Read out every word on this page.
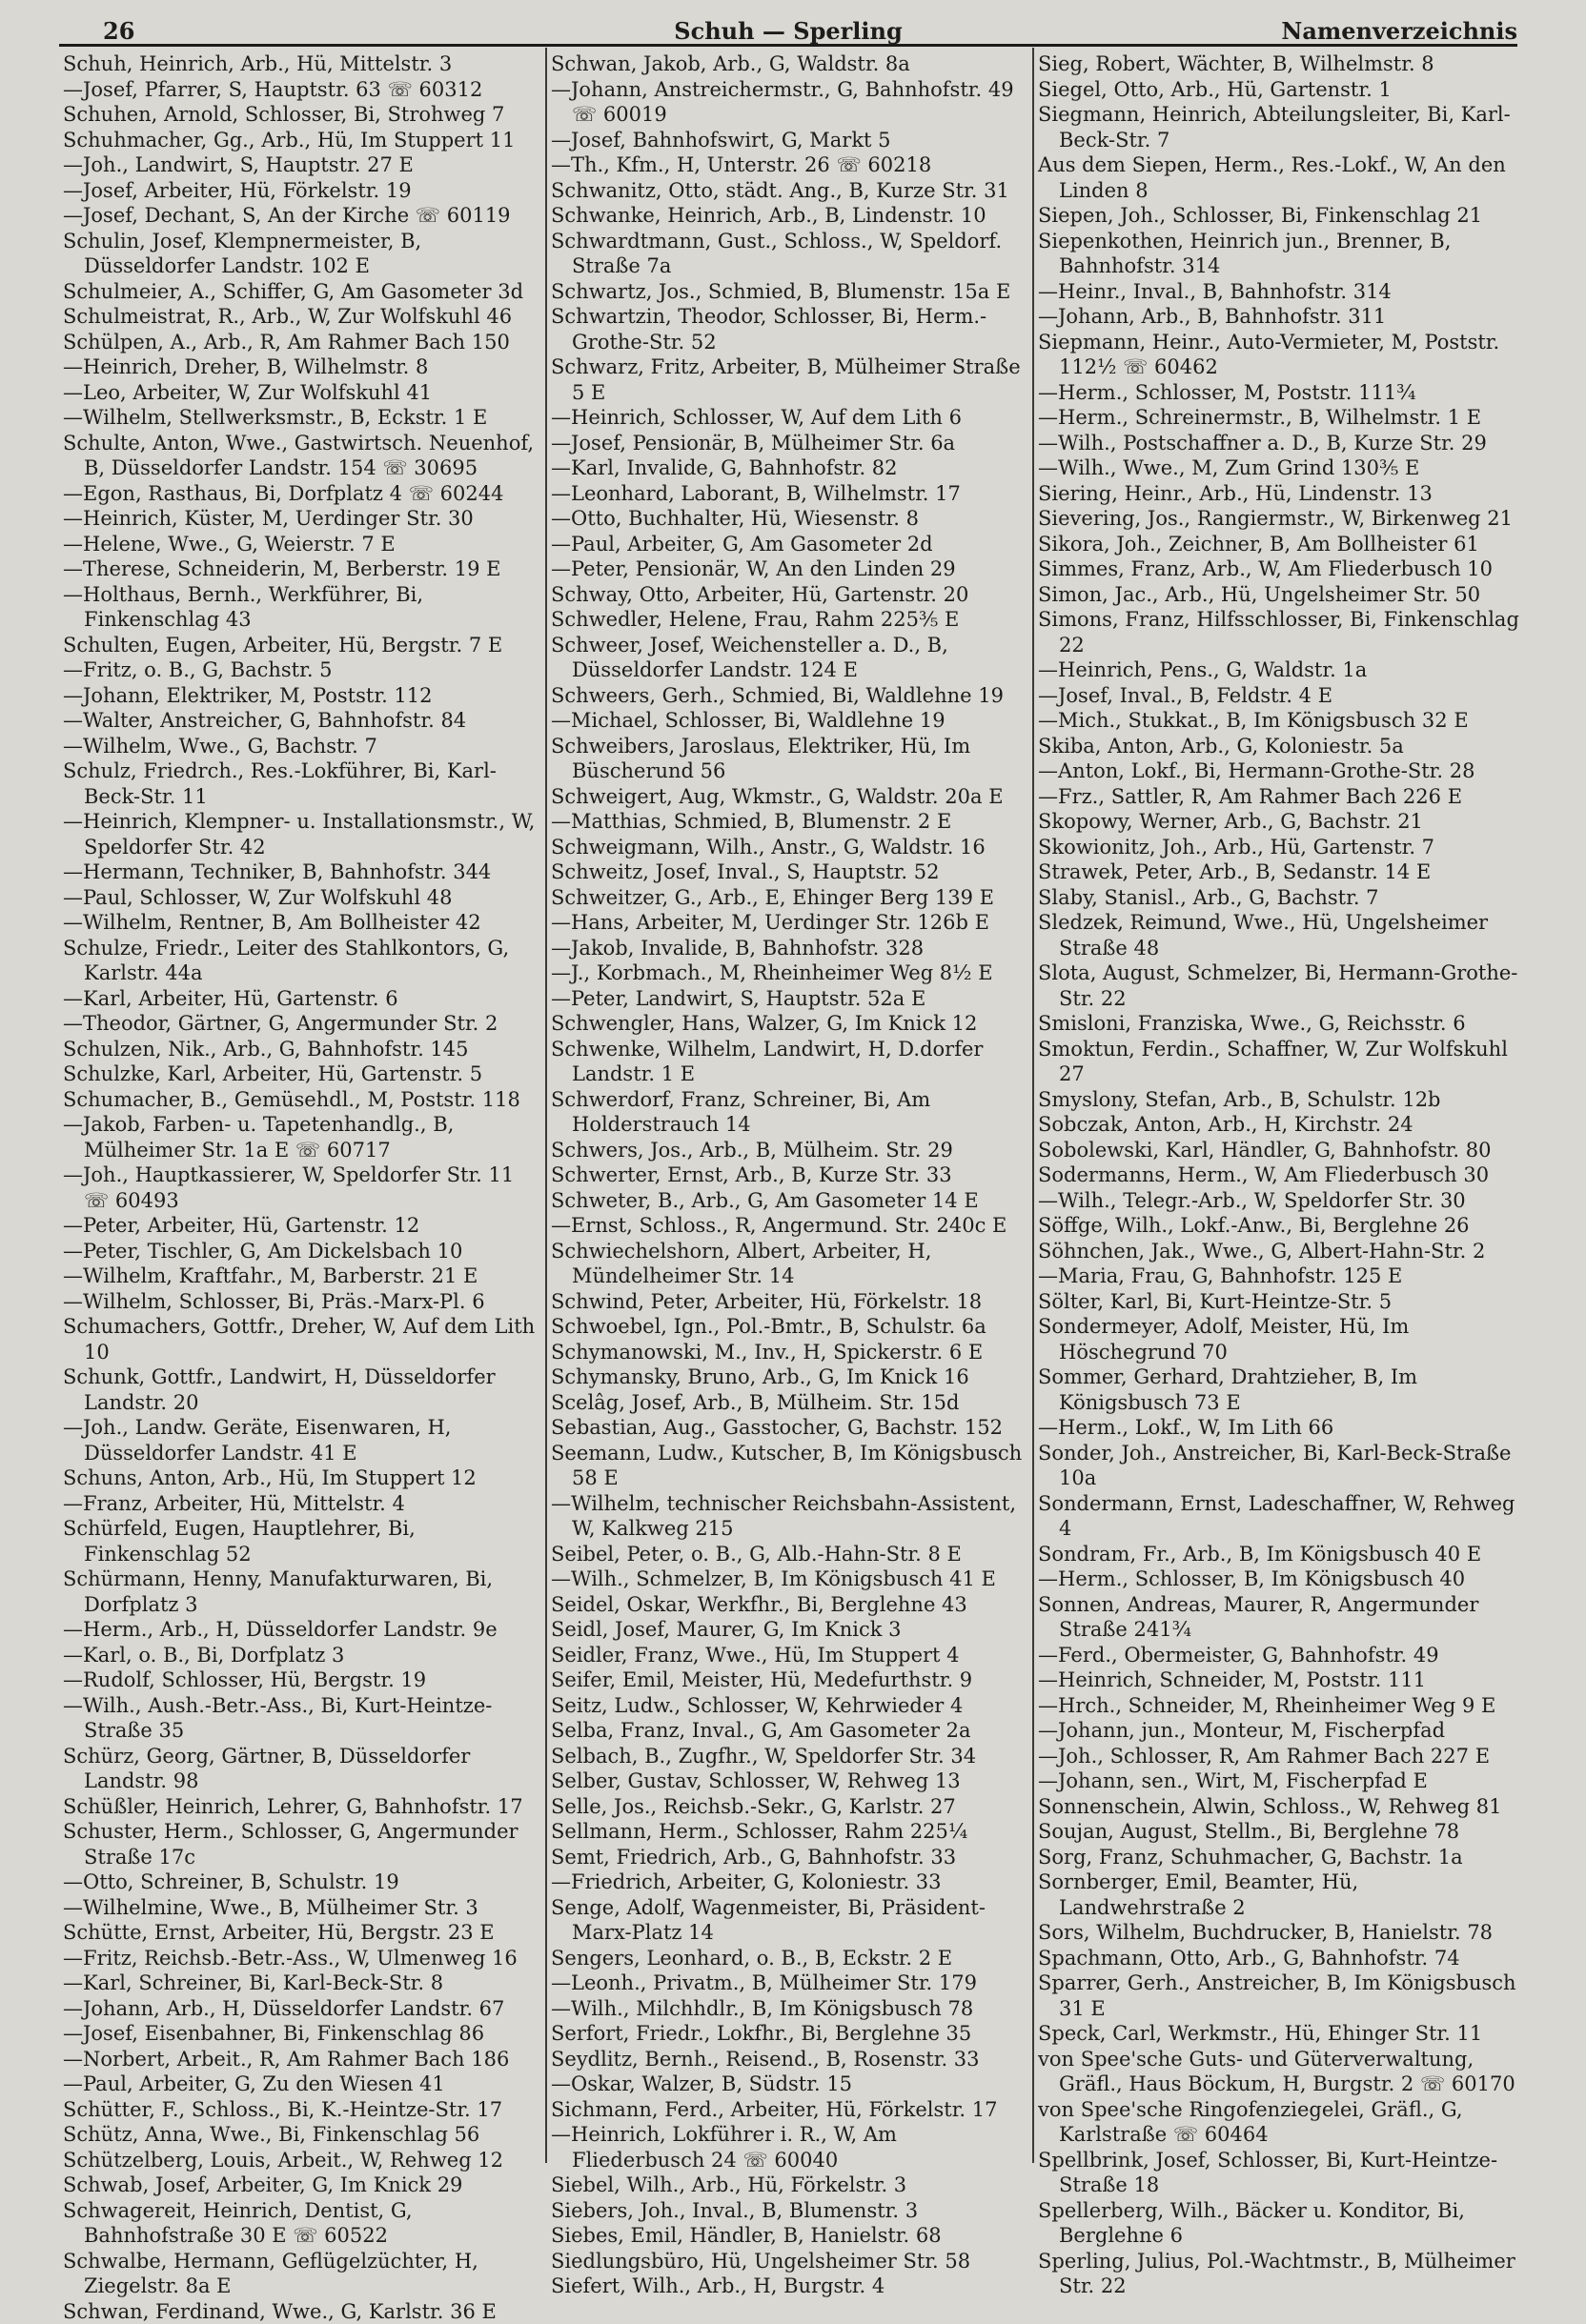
26	Schuh — Sperling	Namenverzeichnis
Schuh, Heinrich, Arb., Hü, Mittelstr. 3
—Josef, Pfarrer, S, Hauptstr. 63 ☏ 60312
Schuhen, Arnold, Schlosser, Bi, Strohweg 7
Schuhmacher, Gg., Arb., Hü, Im Stuppert 11
—Joh., Landwirt, S, Hauptstr. 27 E
—Josef, Arbeiter, Hü, Förkelstr. 19
—Josef, Dechant, S, An der Kirche ☏ 60119
Schulin, Josef, Klempnermeister, B, Düsseldorfer Landstr. 102 E
Schulmeier, A., Schiffer, G, Am Gasometer 3d
Schulmeistrat, R., Arb., W, Zur Wolfskuhl 46
Schülpen, A., Arb., R, Am Rahmer Bach 150
—Heinrich, Dreher, B, Wilhelmstr. 8
—Leo, Arbeiter, W, Zur Wolfskuhl 41
—Wilhelm, Stellwerksmstr., B, Eckstr. 1 E
Schulte, Anton, Wwe., Gastwirtsch. Neuenhof, B, Düsseldorfer Landstr. 154 ☏ 30695
—Egon, Rasthaus, Bi, Dorfplatz 4 ☏ 60244
—Heinrich, Küster, M, Uerdinger Str. 30
—Helene, Wwe., G, Weierstr. 7 E
—Therese, Schneiderin, M, Berberstr. 19 E
—Holthaus, Bernh., Werkführer, Bi, Finkenschlag 43
Schulten, Eugen, Arbeiter, Hü, Bergstr. 7 E
—Fritz, o. B., G, Bachstr. 5
—Johann, Elektriker, M, Poststr. 112
—Walter, Anstreicher, G, Bahnhofstr. 84
—Wilhelm, Wwe., G, Bachstr. 7
Schulz, Friedrch., Res.-Lokführer, Bi, Karl-Beck-Str. 11
—Heinrich, Klempner- u. Installationsmstr., W, Speldorfer Str. 42
—Hermann, Techniker, B, Bahnhofstr. 344
—Paul, Schlosser, W, Zur Wolfskuhl 48
—Wilhelm, Rentner, B, Am Bollheister 42
Schulze, Friedr., Leiter des Stahlkontors, G, Karlstr. 44a
—Karl, Arbeiter, Hü, Gartenstr. 6
—Theodor, Gärtner, G, Angermunder Str. 2
Schulzen, Nik., Arb., G, Bahnhofstr. 145
Schulzke, Karl, Arbeiter, Hü, Gartenstr. 5
Schumacher, B., Gemüsehdl., M, Poststr. 118
—Jakob, Farben- u. Tapetenhandlg., B, Mülheimer Str. 1a E ☏ 60717
—Joh., Hauptkassierer, W, Speldorfer Str. 11 ☏ 60493
—Peter, Arbeiter, Hü, Gartenstr. 12
—Peter, Tischler, G, Am Dickelsbach 10
—Wilhelm, Kraftfahr., M, Barberstr. 21 E
—Wilhelm, Schlosser, Bi, Präs.-Marx-Pl. 6
Schumachers, Gottfr., Dreher, W, Auf dem Lith 10
Schunk, Gottfr., Landwirt, H, Düsseldorfer Landstr. 20
—Joh., Landw. Geräte, Eisenwaren, H, Düsseldorfer Landstr. 41 E
Schuns, Anton, Arb., Hü, Im Stuppert 12
—Franz, Arbeiter, Hü, Mittelstr. 4
Schürfeld, Eugen, Hauptlehrer, Bi, Finkenschlag 52
Schürmann, Henny, Manufakturwaren, Bi, Dorfplatz 3
—Herm., Arb., H, Düsseldorfer Landstr. 9e
—Karl, o. B., Bi, Dorfplatz 3
—Rudolf, Schlosser, Hü, Bergstr. 19
—Wilh., Aush.-Betr.-Ass., Bi, Kurt-Heintze-Straße 35
Schürz, Georg, Gärtner, B, Düsseldorfer Landstr. 98
Schüßler, Heinrich, Lehrer, G, Bahnhofstr. 17
Schuster, Herm., Schlosser, G, Angermunder Straße 17c
—Otto, Schreiner, B, Schulstr. 19
—Wilhelmine, Wwe., B, Mülheimer Str. 3
Schütte, Ernst, Arbeiter, Hü, Bergstr. 23 E
—Fritz, Reichsb.-Betr.-Ass., W, Ulmenweg 16
—Karl, Schreiner, Bi, Karl-Beck-Str. 8
—Johann, Arb., H, Düsseldorfer Landstr. 67
—Josef, Eisenbahner, Bi, Finkenschlag 86
—Norbert, Arbeit., R, Am Rahmer Bach 186
—Paul, Arbeiter, G, Zu den Wiesen 41
Schütter, F., Schloss., Bi, K.-Heintze-Str. 17
Schütz, Anna, Wwe., Bi, Finkenschlag 56
Schützelberg, Louis, Arbeit., W, Rehweg 12
Schwab, Josef, Arbeiter, G, Im Knick 29
Schwagereit, Heinrich, Dentist, G, Bahnhofstraße 30 E ☏ 60522
Schwalbe, Hermann, Geflügelzüchter, H, Ziegelstr. 8a E
Schwan, Ferdinand, Wwe., G, Karlstr. 36 E
Schwan, Jakob, Arb., G, Waldstr. 8a
—Johann, Anstreichermstr., G, Bahnhofstr. 49 ☏ 60019
—Josef, Bahnhofswirt, G, Markt 5
—Th., Kfm., H, Unterstr. 26 ☏ 60218
Schwanitz, Otto, städt. Ang., B, Kurze Str. 31
Schwanke, Heinrich, Arb., B, Lindenstr. 10
Schwardtmann, Gust., Schloss., W, Speldorf. Straße 7a
Schwartz, Jos., Schmied, B, Blumenstr. 15a E
Schwartzin, Theodor, Schlosser, Bi, Herm.-Grothe-Str. 52
Schwarz, Fritz, Arbeiter, B, Mülheimer Straße 5 E
—Heinrich, Schlosser, W, Auf dem Lith 6
—Josef, Pensionär, B, Mülheimer Str. 6a
—Karl, Invalide, G, Bahnhofstr. 82
—Leonhard, Laborant, B, Wilhelmstr. 17
—Otto, Buchhalter, Hü, Wiesenstr. 8
—Paul, Arbeiter, G, Am Gasometer 2d
—Peter, Pensionär, W, An den Linden 29
Schway, Otto, Arbeiter, Hü, Gartenstr. 20
Schwedler, Helene, Frau, Rahm 225⅗ E
Schweer, Josef, Weichensteller a. D., B, Düsseldorfer Landstr. 124 E
Schweers, Gerh., Schmied, Bi, Waldlehne 19
—Michael, Schlosser, Bi, Waldlehne 19
Schweibers, Jaroslaus, Elektriker, Hü, Im Büscherund 56
Schweigert, Aug, Wkmstr., G, Waldstr. 20a E
—Matthias, Schmied, B, Blumenstr. 2 E
Schweigmann, Wilh., Anstr., G, Waldstr. 16
Schweitz, Josef, Inval., S, Hauptstr. 52
Schweitzer, G., Arb., E, Ehinger Berg 139 E
—Hans, Arbeiter, M, Uerdinger Str. 126b E
—Jakob, Invalide, B, Bahnhofstr. 328
—J., Korbmach., M, Rheinheimer Weg 8½ E
—Peter, Landwirt, S, Hauptstr. 52a E
Schwengler, Hans, Walzer, G, Im Knick 12
Schwenke, Wilhelm, Landwirt, H, D.dorfer Landstr. 1 E
Schwerdorf, Franz, Schreiner, Bi, Am Holderstrauch 14
Schwers, Jos., Arb., B, Mülheim. Str. 29
Schwerter, Ernst, Arb., B, Kurze Str. 33
Schweter, B., Arb., G, Am Gasometer 14 E
—Ernst, Schloss., R, Angermund. Str. 240c E
Schwiechelshorn, Albert, Arbeiter, H, Mündelheimer Str. 14
Schwind, Peter, Arbeiter, Hü, Förkelstr. 18
Schwoebel, Ign., Pol.-Bmtr., B, Schulstr. 6a
Schymanowski, M., Inv., H, Spickerstr. 6 E
Schymansky, Bruno, Arb., G, Im Knick 16
Scelâg, Josef, Arb., B, Mülheim. Str. 15d
Sebastian, Aug., Gasstocher, G, Bachstr. 152
Seemann, Ludw., Kutscher, B, Im Königsbusch 58 E
—Wilhelm, technischer Reichsbahn-Assistent, W, Kalkweg 215
Seibel, Peter, o. B., G, Alb.-Hahn-Str. 8 E
—Wilh., Schmelzer, B, Im Königsbusch 41 E
Seidel, Oskar, Werkfhr., Bi, Berglehne 43
Seidl, Josef, Maurer, G, Im Knick 3
Seidler, Franz, Wwe., Hü, Im Stuppert 4
Seifer, Emil, Meister, Hü, Medefurthstr. 9
Seitz, Ludw., Schlosser, W, Kehrwieder 4
Selba, Franz, Inval., G, Am Gasometer 2a
Selbach, B., Zugfhr., W, Speldorfer Str. 34
Selber, Gustav, Schlosser, W, Rehweg 13
Selle, Jos., Reichsb.-Sekr., G, Karlstr. 27
Sellmann, Herm., Schlosser, Rahm 225¼
Semt, Friedrich, Arb., G, Bahnhofstr. 33
—Friedrich, Arbeiter, G, Koloniestr. 33
Senge, Adolf, Wagenmeister, Bi, Präsident-Marx-Platz 14
Sengers, Leonhard, o. B., B, Eckstr. 2 E
—Leonh., Privatm., B, Mülheimer Str. 179
—Wilh., Milchhdlr., B, Im Königsbusch 78
Serfort, Friedr., Lokfhr., Bi, Berglehne 35
Seydlitz, Bernh., Reisend., B, Rosenstr. 33
—Oskar, Walzer, B, Südstr. 15
Sichmann, Ferd., Arbeiter, Hü, Förkelstr. 17
—Heinrich, Lokführer i. R., W, Am Fliederbusch 24 ☏ 60040
Siebel, Wilh., Arb., Hü, Förkelstr. 3
Siebers, Joh., Inval., B, Blumenstr. 3
Siebes, Emil, Händler, B, Hanielstr. 68
Siedlungsbüro, Hü, Ungelsheimer Str. 58
Siefert, Wilh., Arb., H, Burgstr. 4
Sieg, Robert, Wächter, B, Wilhelmstr. 8
Siegel, Otto, Arb., Hü, Gartenstr. 1
Siegmann, Heinrich, Abteilungsleiter, Bi, Karl-Beck-Str. 7
Aus dem Siepen, Herm., Res.-Lokf., W, An den Linden 8
Siepen, Joh., Schlosser, Bi, Finkenschlag 21
Siepenkothen, Heinrich jun., Brenner, B, Bahnhofstr. 314
—Heinr., Inval., B, Bahnhofstr. 314
—Johann, Arb., B, Bahnhofstr. 311
Siepmann, Heinr., Auto-Vermieter, M, Poststr. 112½ ☏ 60462
—Herm., Schlosser, M, Poststr. 111¾
—Herm., Schreinermstr., B, Wilhelmstr. 1 E
—Wilh., Postschaffner a. D., B, Kurze Str. 29
—Wilh., Wwe., M, Zum Grind 130⅗ E
Siering, Heinr., Arb., Hü, Lindenstr. 13
Sievering, Jos., Rangiermstr., W, Birkenweg 21
Sikora, Joh., Zeichner, B, Am Bollheister 61
Simmes, Franz, Arb., W, Am Fliederbusch 10
Simon, Jac., Arb., Hü, Ungelsheimer Str. 50
Simons, Franz, Hilfsschlosser, Bi, Finkenschlag 22
—Heinrich, Pens., G, Waldstr. 1a
—Josef, Inval., B, Feldstr. 4 E
—Mich., Stukkat., B, Im Königsbusch 32 E
Skiba, Anton, Arb., G, Koloniestr. 5a
—Anton, Lokf., Bi, Hermann-Grothe-Str. 28
—Frz., Sattler, R, Am Rahmer Bach 226 E
Skopowy, Werner, Arb., G, Bachstr. 21
Skowionitz, Joh., Arb., Hü, Gartenstr. 7
Strawek, Peter, Arb., B, Sedanstr. 14 E
Slaby, Stanisl., Arb., G, Bachstr. 7
Sledzek, Reimund, Wwe., Hü, Ungelsheimer Straße 48
Slota, August, Schmelzer, Bi, Hermann-Grothe-Str. 22
Smisloni, Franziska, Wwe., G, Reichsstr. 6
Smoktun, Ferdin., Schaffner, W, Zur Wolfskuhl 27
Smyslony, Stefan, Arb., B, Schulstr. 12b
Sobczak, Anton, Arb., H, Kirchstr. 24
Sobolewski, Karl, Händler, G, Bahnhofstr. 80
Sodermanns, Herm., W, Am Fliederbusch 30
—Wilh., Telegr.-Arb., W, Speldorfer Str. 30
Söffge, Wilh., Lokf.-Anw., Bi, Berglehne 26
Söhnchen, Jak., Wwe., G, Albert-Hahn-Str. 2
—Maria, Frau, G, Bahnhofstr. 125 E
Sölter, Karl, Bi, Kurt-Heintze-Str. 5
Sondermeyer, Adolf, Meister, Hü, Im Höschegrund 70
Sommer, Gerhard, Drahtzieher, B, Im Königsbusch 73 E
—Herm., Lokf., W, Im Lith 66
Sonder, Joh., Anstreicher, Bi, Karl-Beck-Straße 10a
Sondermann, Ernst, Ladeschaffner, W, Rehweg 4
Sondram, Fr., Arb., B, Im Königsbusch 40 E
—Herm., Schlosser, B, Im Königsbusch 40
Sonnen, Andreas, Maurer, R, Angermunder Straße 241¾
—Ferd., Obermeister, G, Bahnhofstr. 49
—Heinrich, Schneider, M, Poststr. 111
—Hrch., Schneider, M, Rheinheimer Weg 9 E
—Johann, jun., Monteur, M, Fischerpfad
—Joh., Schlosser, R, Am Rahmer Bach 227 E
—Johann, sen., Wirt, M, Fischerpfad E
Sonnenschein, Alwin, Schloss., W, Rehweg 81
Soujan, August, Stellm., Bi, Berglehne 78
Sorg, Franz, Schuhmacher, G, Bachstr. 1a
Sornberger, Emil, Beamter, Hü, Landwehrstraße 2
Sors, Wilhelm, Buchdrucker, B, Hanielstr. 78
Spachmann, Otto, Arb., G, Bahnhofstr. 74
Sparrer, Gerh., Anstreicher, B, Im Königsbusch 31 E
Speck, Carl, Werkmstr., Hü, Ehinger Str. 11
von Spee'sche Guts- und Güterverwaltung, Gräfl., Haus Böckum, H, Burgstr. 2 ☏ 60170
von Spee'sche Ringofenziegelei, Gräfl., G, Karlstraße ☏ 60464
Spellbrink, Josef, Schlosser, Bi, Kurt-Heintze-Straße 18
Spellerberg, Wilh., Bäcker u. Konditor, Bi, Berglehne 6
Sperling, Julius, Pol.-Wachtmstr., B, Mülheimer Str. 22
